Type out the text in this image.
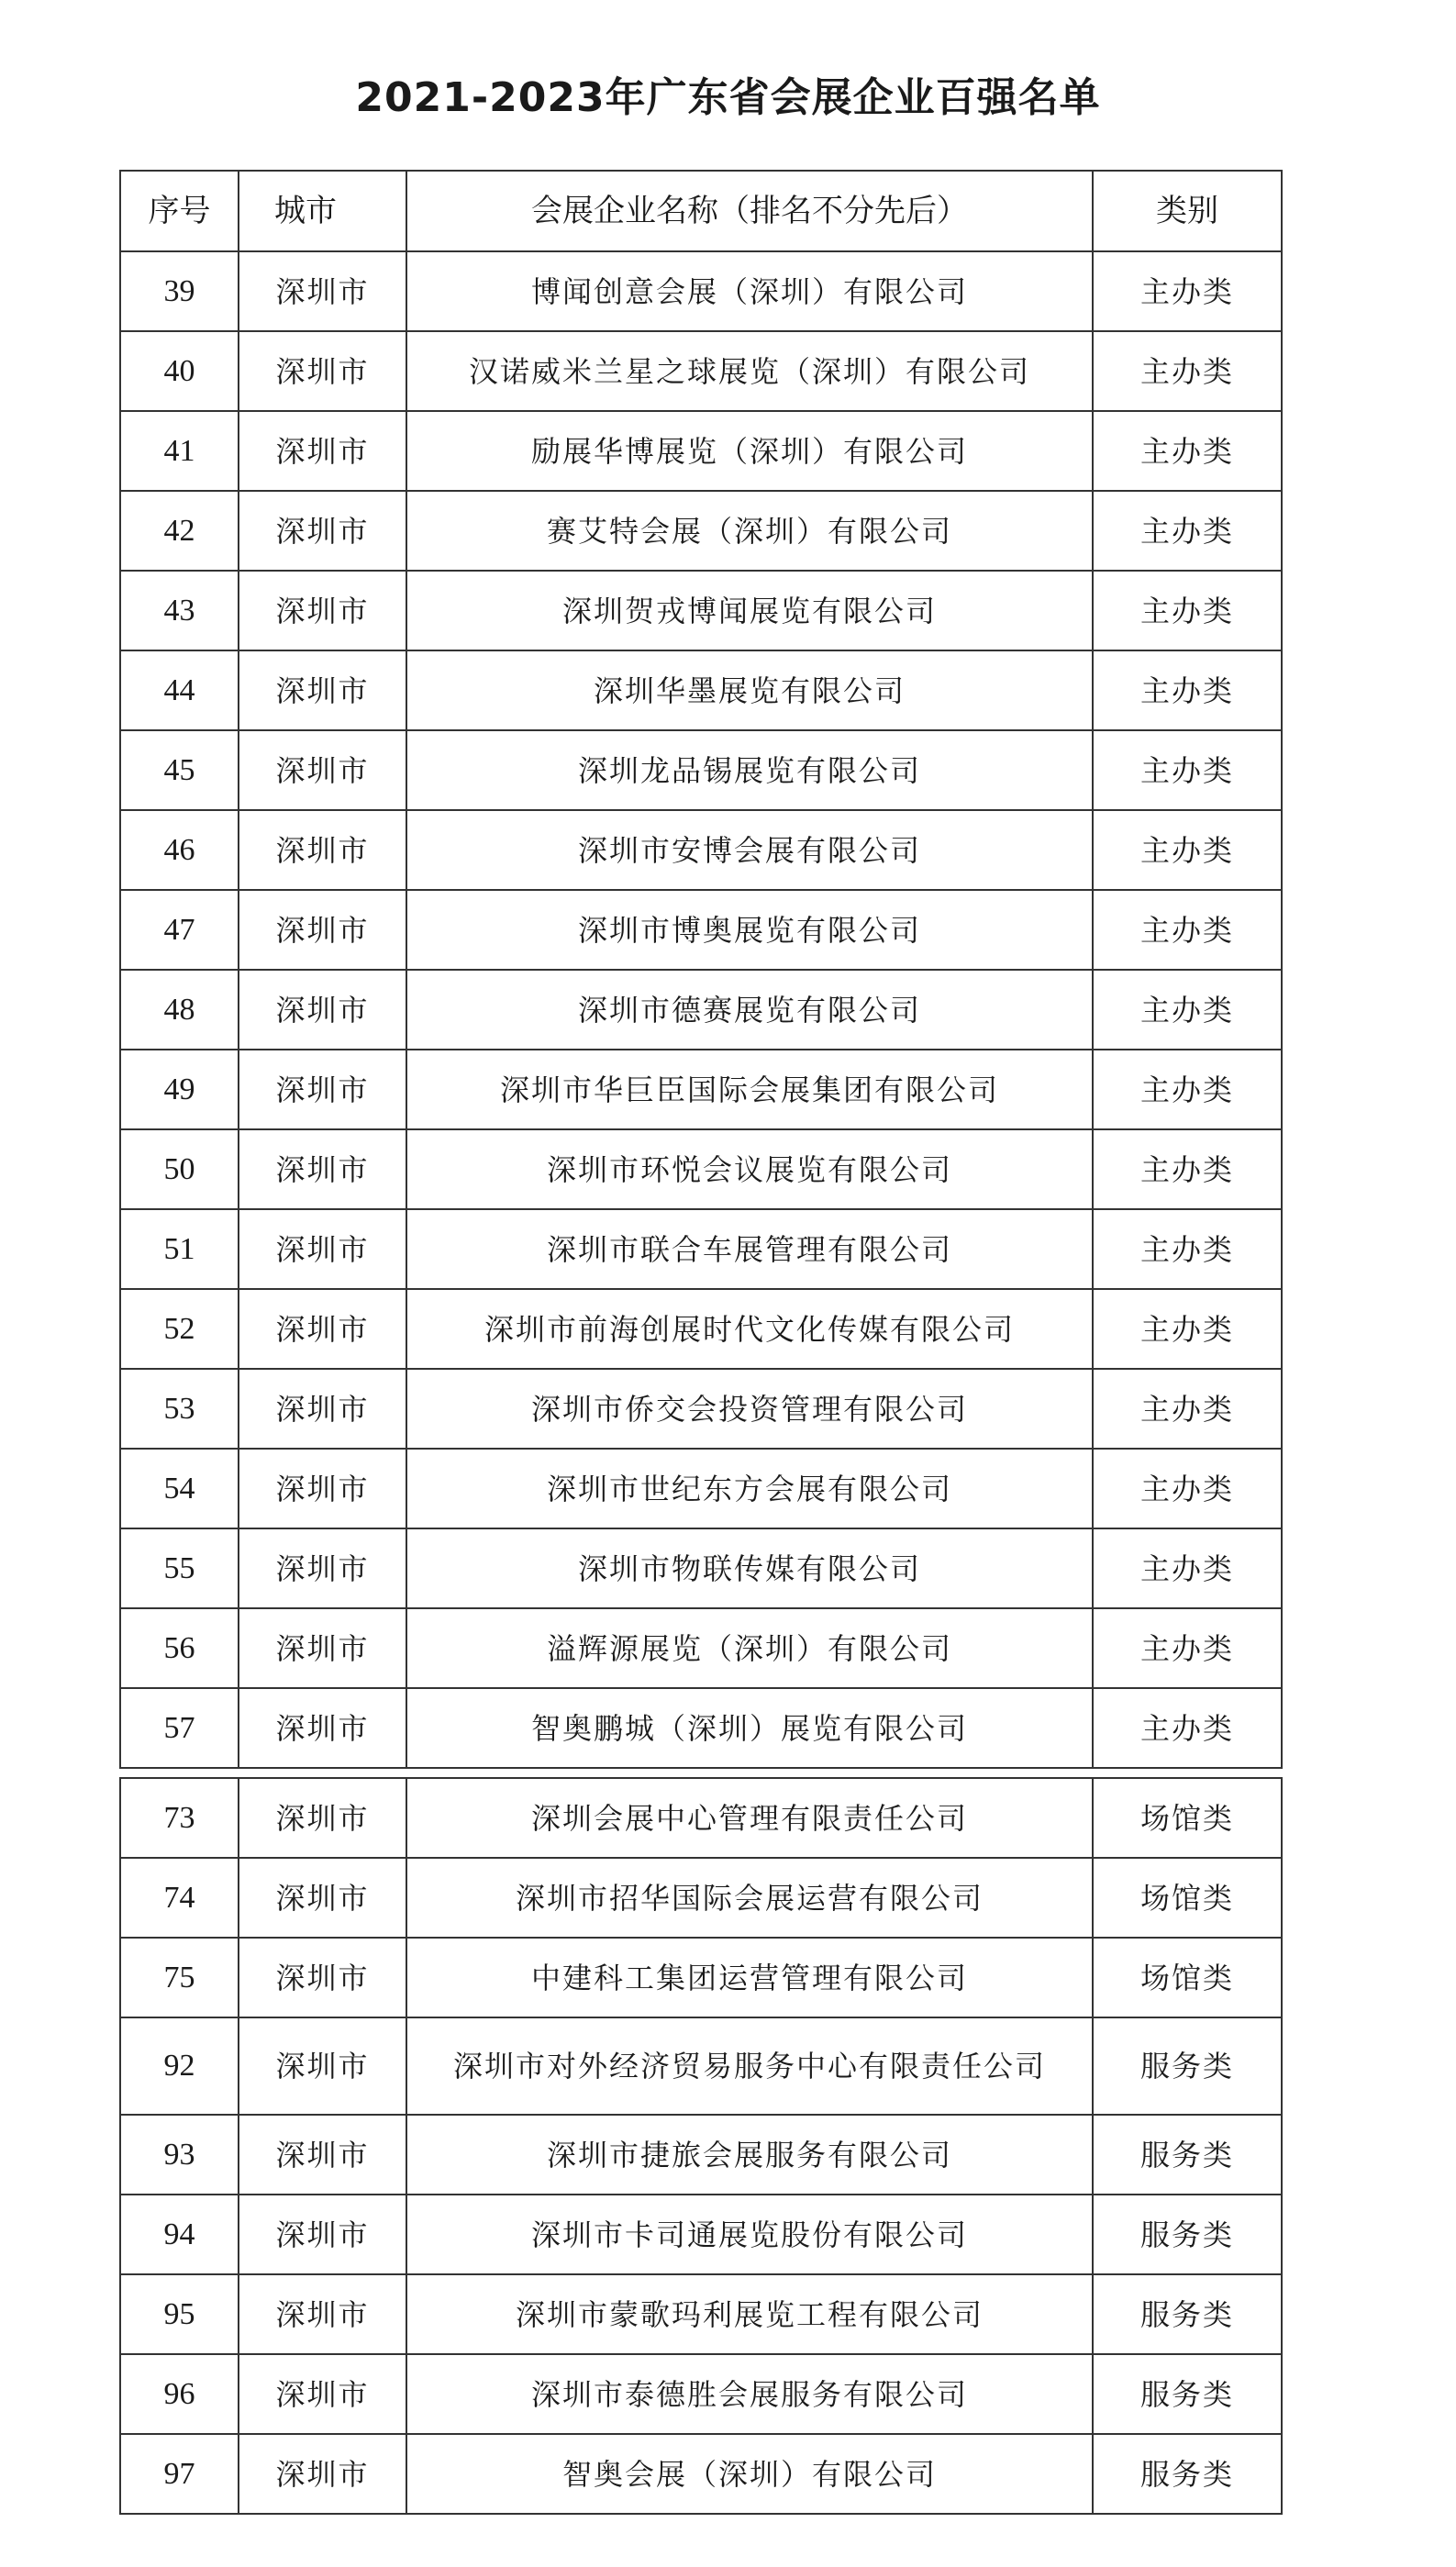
2021-2023年广东省会展企业百强名单
序号	城市	会展企业名称（排名不分先后）	类别
39	深圳市	博闻创意会展（深圳）有限公司	主办类
40	深圳市	汉诺威米兰星之球展览（深圳）有限公司	主办类
41	深圳市	励展华博展览（深圳）有限公司	主办类
42	深圳市	赛艾特会展（深圳）有限公司	主办类
43	深圳市	深圳贺戎博闻展览有限公司	主办类
44	深圳市	深圳华墨展览有限公司	主办类
45	深圳市	深圳龙品锡展览有限公司	主办类
46	深圳市	深圳市安博会展有限公司	主办类
47	深圳市	深圳市博奥展览有限公司	主办类
48	深圳市	深圳市德赛展览有限公司	主办类
49	深圳市	深圳市华巨臣国际会展集团有限公司	主办类
50	深圳市	深圳市环悦会议展览有限公司	主办类
51	深圳市	深圳市联合车展管理有限公司	主办类
52	深圳市	深圳市前海创展时代文化传媒有限公司	主办类
53	深圳市	深圳市侨交会投资管理有限公司	主办类
54	深圳市	深圳市世纪东方会展有限公司	主办类
55	深圳市	深圳市物联传媒有限公司	主办类
56	深圳市	溢辉源展览（深圳）有限公司	主办类
57	深圳市	智奥鹏城（深圳）展览有限公司	主办类
73	深圳市	深圳会展中心管理有限责任公司	场馆类
74	深圳市	深圳市招华国际会展运营有限公司	场馆类
75	深圳市	中建科工集团运营管理有限公司	场馆类
92	深圳市	深圳市对外经济贸易服务中心有限责任公司	服务类
93	深圳市	深圳市捷旅会展服务有限公司	服务类
94	深圳市	深圳市卡司通展览股份有限公司	服务类
95	深圳市	深圳市蒙歌玛利展览工程有限公司	服务类
96	深圳市	深圳市泰德胜会展服务有限公司	服务类
97	深圳市	智奥会展（深圳）有限公司	服务类
